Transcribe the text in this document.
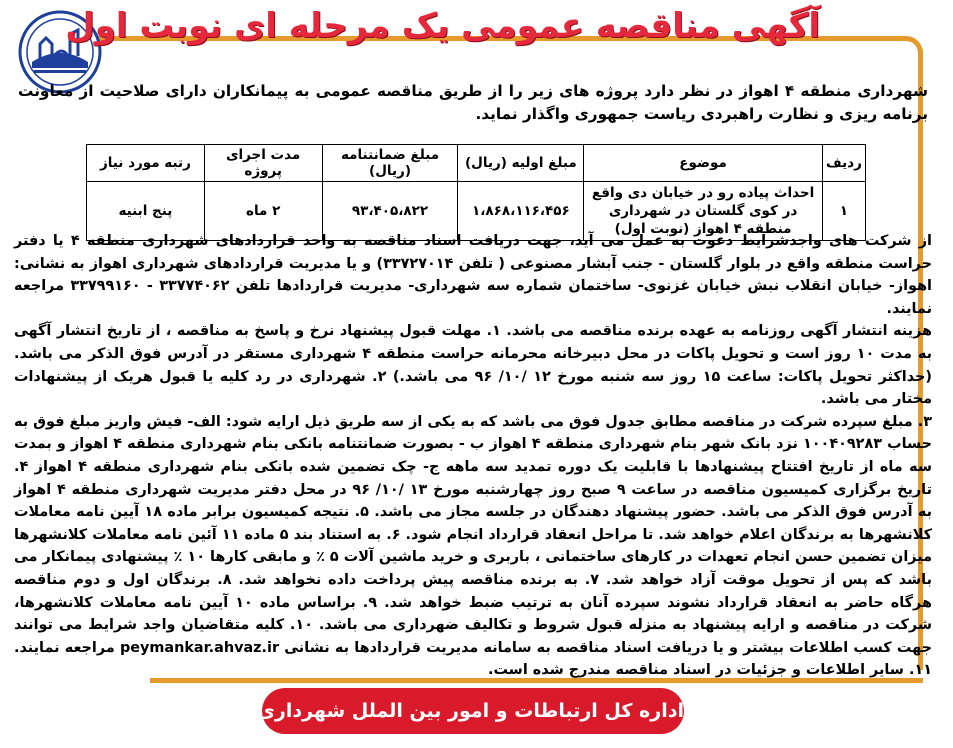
آگهی مناقصه عمومی یک مرحله ای نوبت اول
شهرداری منطقه ۴ اهواز در نظر دارد پروژه های زیر را از طریق مناقصه عمومی به پیمانکاران دارای صلاحیت از معاونت برنامه ریزی و نظارت راهبردی ریاست جمهوری واگذار نماید.
ردیف	موضوع	مبلغ اولیه (ریال)	مبلغ ضمانتنامه (ریال)	مدت اجرای پروژه	رتبه مورد نیاز
۱	احداث پیاده رو در خیابان دی واقع در کوی گلستان در شهرداری منطقه ۴ اهواز (نوبت اول)	۱،۸۶۸،۱۱۶،۴۵۶	۹۳،۴۰۵،۸۲۲	۲ ماه	پنج ابنیه

از شرکت های واجدشرایط دعوت به عمل می آید، جهت دریافت اسناد مناقصه به واحد قراردادهای شهرداری منطقه ۴ یا دفتر حراست منطقه واقع در بلوار گلستان - جنب آبشار مصنوعی ( تلفن ۳۳۷۲۷۰۱۴) و یا مدیریت قراردادهای شهرداری اهواز به نشانی: اهواز- خیابان انقلاب نبش خیابان غزنوی- ساختمان شماره سه شهرداری- مدیریت قراردادها تلفن ۳۳۷۷۴۰۶۲ - ۳۳۷۹۹۱۶۰ مراجعه نمایند.

هزینه انتشار آگهی روزنامه به عهده برنده مناقصه می باشد. ۱. مهلت قبول پیشنهاد نرخ و پاسخ به مناقصه ، از تاریخ انتشار آگهی به مدت ۱۰ روز است و تحویل پاکات در محل دبیرخانه محرمانه حراست منطقه ۴ شهرداری مستقر در آدرس فوق الذکر می باشد. (حداکثر تحویل پاکات: ساعت ۱۵ روز سه شنبه مورخ ۱۲ /۱۰/ ۹۶ می باشد.) ۲. شهرداری در رد کلیه یا قبول هریک از پیشنهادات مختار می باشد.

۳. مبلغ سپرده شرکت در مناقصه مطابق جدول فوق می باشد که به یکی از سه طریق ذیل ارایه شود: الف- فیش واریز مبلغ فوق به حساب ۱۰۰۴۰۹۲۸۳ نزد بانک شهر بنام شهرداری منطقه ۴ اهواز ب - بصورت ضمانتنامه بانکی بنام شهرداری منطقه ۴ اهواز و بمدت سه ماه از تاریخ افتتاح پیشنهادها با قابلیت یک دوره تمدید سه ماهه ج- چک تضمین شده بانکی بنام شهرداری منطقه ۴ اهواز ۴. تاریخ برگزاری کمیسیون مناقصه در ساعت ۹ صبح روز چهارشنبه مورخ ۱۳ /۱۰/ ۹۶ در محل دفتر مدیریت شهرداری منطقه ۴ اهواز به آدرس فوق الذکر می باشد. حضور پیشنهاد دهندگان در جلسه مجاز می باشد. ۵. نتیجه کمیسیون برابر ماده ۱۸ آیین نامه معاملات کلانشهرها به برندگان اعلام خواهد شد. تا مراحل انعقاد قرارداد انجام شود. ۶. به استناد بند ۵ ماده ۱۱ آئین نامه معاملات کلانشهرها میزان تضمین حسن انجام تعهدات در کارهای ساختمانی ، باربری و خرید ماشین آلات ۵ ٪ و مابقی کارها ۱۰ ٪ پیشنهادی پیمانکار می باشد که پس از تحویل موقت آزاد خواهد شد. ۷. به برنده مناقصه پیش پرداخت داده نخواهد شد. ۸. برندگان اول و دوم مناقصه هرگاه حاضر به انعقاد قرارداد نشوند سپرده آنان به ترتیب ضبط خواهد شد. ۹. براساس ماده ۱۰ آیین نامه معاملات کلانشهرها، شرکت در مناقصه و ارایه پیشنهاد به منزله قبول شروط و تکالیف ضهرداری می باشد. ۱۰. کلیه متقاضیان واجد شرایط می توانند جهت کسب اطلاعات بیشتر و یا دریافت اسناد مناقصه به سامانه مدیریت قراردادها به نشانی peymankar.ahvaz.ir مراجعه نمایند. ۱۱. سایر اطلاعات و جزئیات در اسناد مناقصه مندرج شده است.

اداره کل ارتباطات و امور بین الملل شهرداری اهواز
